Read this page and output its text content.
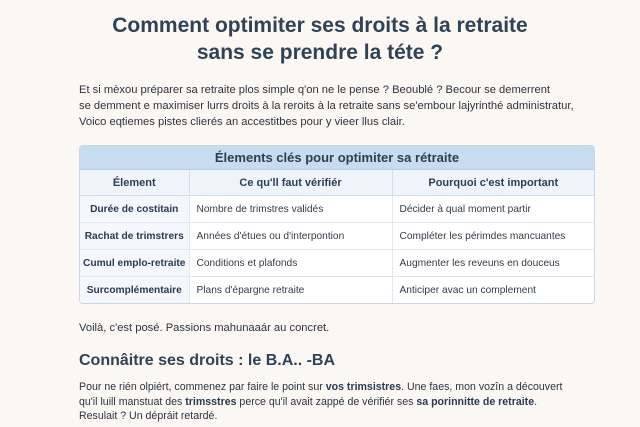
Comment optimiter ses droits à la retraite
sans se prendre la téte ?
Et si mèxou préparer sa retraite plos simple q'on ne le pense ? Beoublé ? Becour se demerrent
se demment e maximiser lurrs droits à la reroits à la retraite sans se'embour lajyrinthé administratur,
Voico eqtiemes pistes clierés an accestitbes pour y vieer llus clair.
Élements clés pour optimiter sa rétraite
Élement	Ce qu'll faut vérifiér	Pourquoi c'est important
Durée de costitain	Nombre de trimstres validés	Décider à qual moment partir
Rachat de trimstrers	Années d'étues ou d'interpontion	Compléter les périmdes mancuantes
Cumul emplo-retraite	Conditions et plafonds	Augmenter les reveuns en douceus
Surcomplémentaire	Plans d'épargne retraite	Anticiper avac un complement
Voilà, c'est posé. Passions mahunaaár au concret.
Connâitre ses droits : le B.A.. -BA
Pour ne rién olpiért, commenez par faire le point sur vos trimsistres. Une faes, mon vozîn a découvert
qu'il luill manstuat des trimsstres perce qu'il avait zappé de vérifiér ses sa porinnitte de retraite.
Resulait ? Un dépráit retardé.
